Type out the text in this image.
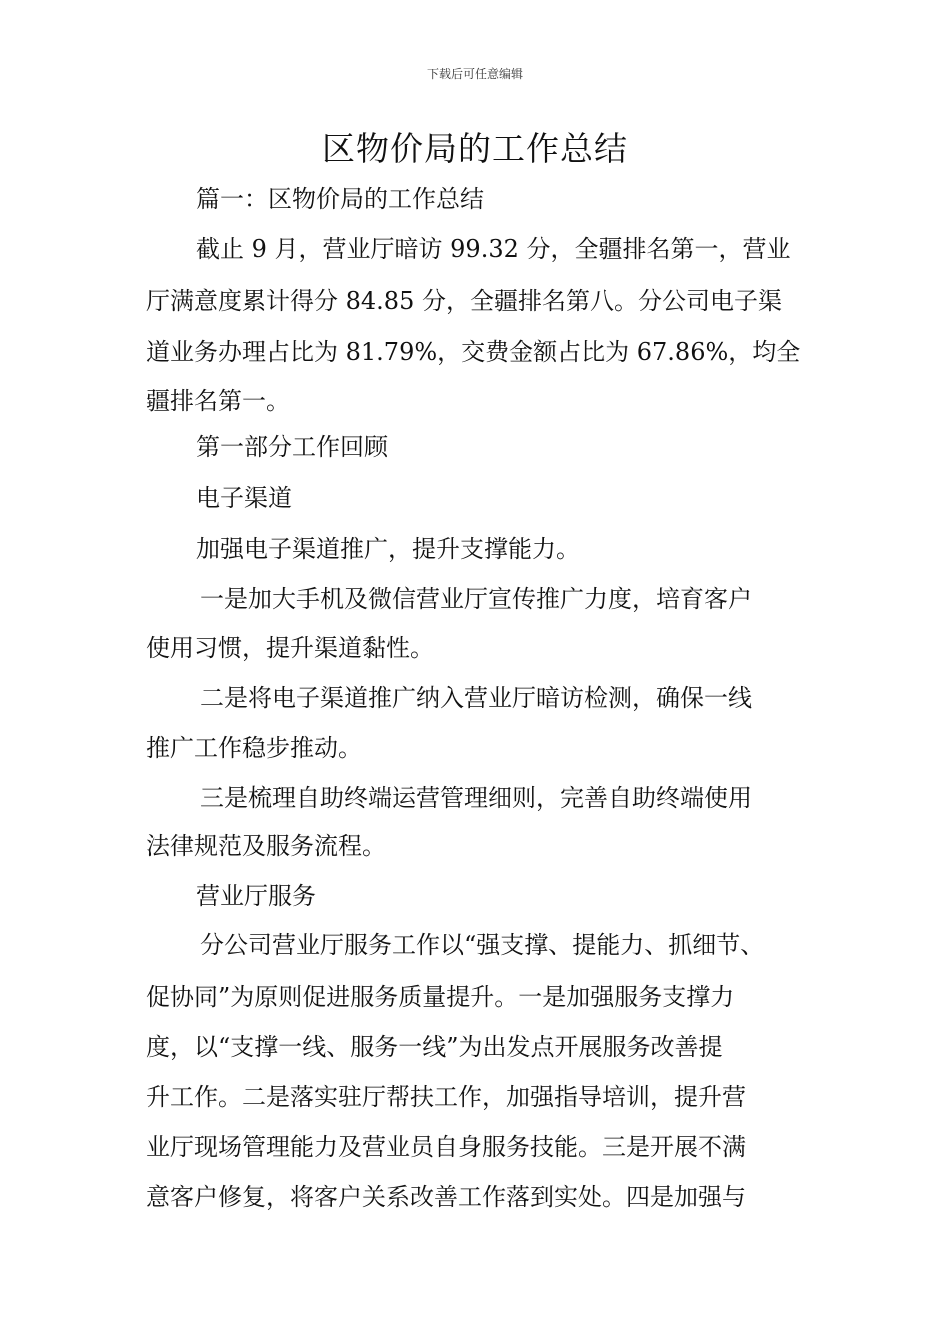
下载后可任意编辑
区物价局的工作总结
篇一：区物价局的工作总结
截止 9 月，营业厅暗访 99.32 分，全疆排名第一，营业
厅满意度累计得分 84.85 分，全疆排名第八。分公司电子渠
道业务办理占比为 81.79%，交费金额占比为 67.86%，均全
疆排名第一。
第一部分工作回顾
电子渠道
加强电子渠道推广，提升支撑能力。
一是加大手机及微信营业厅宣传推广力度，培育客户
使用习惯，提升渠道黏性。
二是将电子渠道推广纳入营业厅暗访检测，确保一线
推广工作稳步推动。
三是梳理自助终端运营管理细则，完善自助终端使用
法律规范及服务流程。
营业厅服务
分公司营业厅服务工作以“强支撑、提能力、抓细节、
促协同”为原则促进服务质量提升。一是加强服务支撑力
度，以“支撑一线、服务一线”为出发点开展服务改善提
升工作。二是落实驻厅帮扶工作，加强指导培训，提升营
业厅现场管理能力及营业员自身服务技能。三是开展不满
意客户修复，将客户关系改善工作落到实处。四是加强与
